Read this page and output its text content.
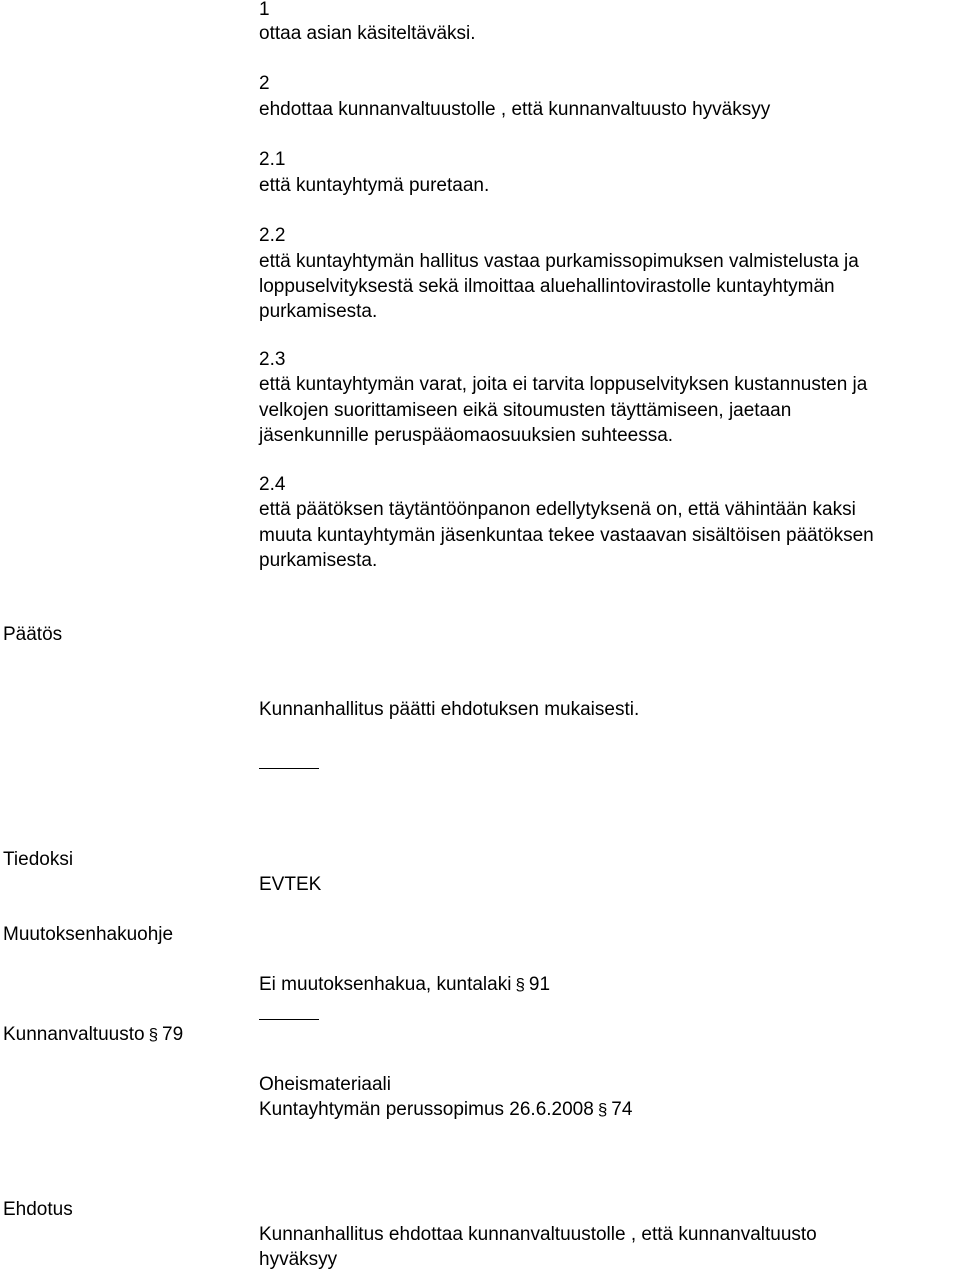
1
ottaa asian käsiteltäväksi.
2
ehdottaa kunnanvaltuustolle , että kunnanvaltuusto hyväksyy
2.1
että kuntayhtymä puretaan.
2.2
että kuntayhtymän hallitus vastaa purkamissopimuksen valmistelusta ja
loppuselvityksestä sekä ilmoittaa aluehallintovirastolle kuntayhtymän
purkamisesta.
2.3
että kuntayhtymän varat, joita ei tarvita loppuselvityksen kustannusten ja
velkojen suorittamiseen eikä sitoumusten täyttämiseen, jaetaan
jäsenkunnille peruspääomaosuuksien suhteessa.
2.4
että päätöksen täytäntöönpanon edellytyksenä on, että vähintään kaksi
muuta kuntayhtymän jäsenkuntaa tekee vastaavan sisältöisen päätöksen
purkamisesta.
Päätös
Kunnanhallitus päätti ehdotuksen mukaisesti.
Tiedoksi
EVTEK
Muutoksenhakuohje
Ei muutoksenhakua, kuntalaki § 91
Kunnanvaltuusto § 79
Oheismateriaali
Kuntayhtymän perussopimus 26.6.2008 § 74
Ehdotus
Kunnanhallitus ehdottaa kunnanvaltuustolle , että kunnanvaltuusto
hyväksyy
